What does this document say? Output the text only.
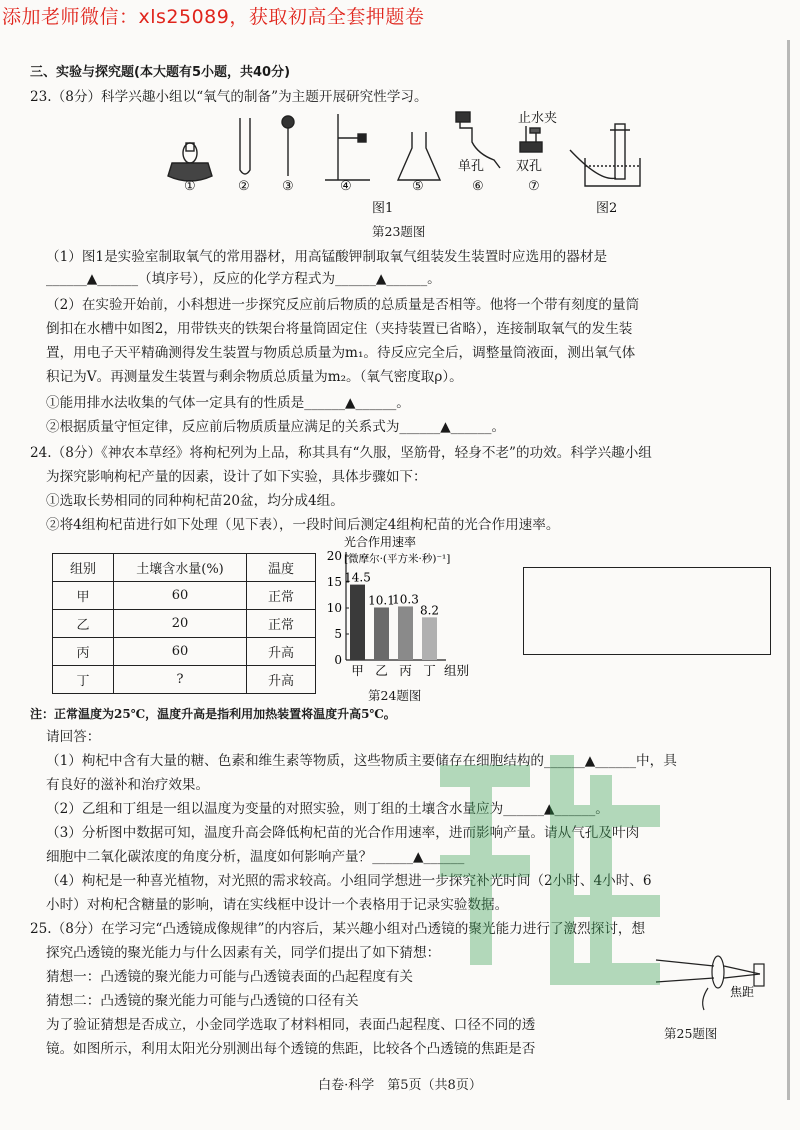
添加老师微信：xls25089，获取初高全套押题卷
三、实验与探究题(本大题有5小题，共40分)
23.（8分）科学兴趣小组以“氧气的制备”为主题开展研究性学习。
①	② ③	④	⑤	⑥	⑦
单孔 双孔
止水夹
图1	图2
第23题图
（1）图1是实验室制取氧气的常用器材，用高锰酸钾制取氧气组装发生装置时应选用的器材是
______▲______（填序号），反应的化学方程式为______▲______。
（2）在实验开始前，小科想进一步探究反应前后物质的总质量是否相等。他将一个带有刻度的量筒
倒扣在水槽中如图2，用带铁夹的铁架台将量筒固定住（夹持装置已省略），连接制取氧气的发生装
置，用电子天平精确测得发生装置与物质总质量为m₁。待反应完全后，调整量筒液面，测出氧气体
积记为V。再测量发生装置与剩余物质总质量为m₂。（氧气密度取ρ）。
①能用排水法收集的气体一定具有的性质是______▲______。
②根据质量守恒定律，反应前后物质质量应满足的关系式为______▲______。
24.（8分）《神农本草经》将枸杞列为上品，称其具有“久服，坚筋骨，轻身不老”的功效。科学兴趣小组
为探究影响枸杞产量的因素，设计了如下实验，具体步骤如下：
①选取长势相同的同种枸杞苗20盆，均分成4组。
②将4组枸杞苗进行如下处理（见下表），一段时间后测定4组枸杞苗的光合作用速率。
组别	土壤含水量(%)	温度
甲	60	正常
乙	20	正常
丙	60	升高
丁	?	升高
光合作用速率
[微摩尔·(平方米·秒)⁻¹]
0
5
10
15
20
14.5
甲
10.1
乙
10.3
丙
8.2
丁 组别
第24题图
注：正常温度为25℃，温度升高是指利用加热装置将温度升高5℃。
请回答：
（1）枸杞中含有大量的糖、色素和维生素等物质，这些物质主要储存在细胞结构的______▲______中，具
有良好的滋补和治疗效果。
（2）乙组和丁组是一组以温度为变量的对照实验，则丁组的土壤含水量应为______▲______。
（3）分析图中数据可知，温度升高会降低枸杞苗的光合作用速率，进而影响产量。请从气孔及叶肉
细胞中二氧化碳浓度的角度分析，温度如何影响产量？______▲______
（4）枸杞是一种喜光植物，对光照的需求较高。小组同学想进一步探究补光时间（2小时、4小时、6
小时）对枸杞含糖量的影响，请在实线框中设计一个表格用于记录实验数据。
25.（8分）在学习完“凸透镜成像规律”的内容后，某兴趣小组对凸透镜的聚光能力进行了激烈探讨，想
探究凸透镜的聚光能力与什么因素有关，同学们提出了如下猜想：
猜想一：凸透镜的聚光能力可能与凸透镜表面的凸起程度有关
猜想二：凸透镜的聚光能力可能与凸透镜的口径有关
为了验证猜想是否成立，小金同学选取了材料相同，表面凸起程度、口径不同的透
镜。如图所示，利用太阳光分别测出每个透镜的焦距，比较各个凸透镜的焦距是否
焦距
第25题图
白卷·科学　第5页（共8页）
